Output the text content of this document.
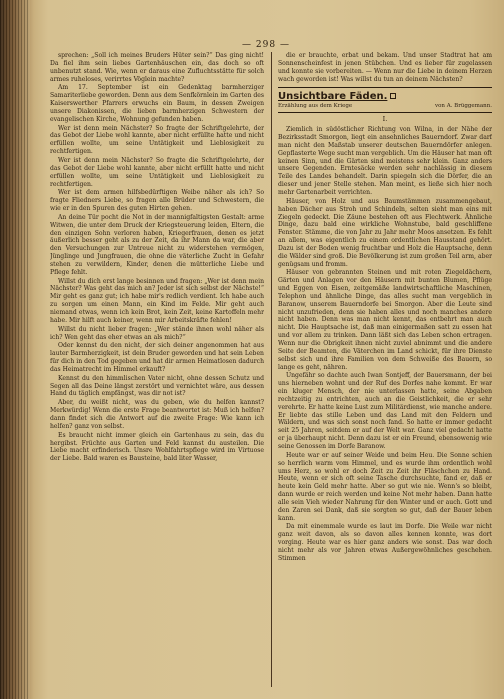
— 298 —

sprechen: „Soll ich meines Bruders Hüter sein?“ Das ging nicht! Da fiel ihm sein liebes Gartenhäuschen ein, das doch so oft unbenutzt stand. Wie, wenn er daraus eine Zufluchtsstätte für solch armes ruheloses, verirrtes Vöglein machte?

Am 17. September ist ein Gedenktag barmherziger Samariterliebe geworden. Denn aus dem Senfkörnlein im Garten des Kaiserswerther Pfarrers erwuchs ein Baum, in dessen Zweigen unsere Diakonissen, die lieben barmherzigen Schwestern der evangelischen Kirche, Wohnung gefunden haben.

Wer ist denn mein Nächster? So fragte der Schriftgelehrte, der das Gebot der Liebe wohl kannte, aber nicht erfüllte hatte und nicht erfüllen wollte, um seine Untätigkeit und Lieblosigkeit zu rechtfertigen.

Wer ist denn mein Nächster? So fragte die Schriftgelehrte, der das Gebot der Liebe wohl kannte, aber nicht erfüllt hatte und nicht erfüllen wollte, um seine Untätigkeit und Lieblosigkeit zu rechtfertigen.

Wer ist dem armen hilfsbedürftigen Weibe näher als ich? So fragte Fliedners Liebe, so fragen alle Brüder und Schwestern, die wie er in den Spuren des guten Hirten gehen.

An deine Tür pocht die Not in der mannigfaltigsten Gestalt: arme Witwen, die unter dem Druck der Kriegsteuerung leiden, Eltern, die den einzigen Sohn verloren haben, Kriegerfrauen, denen es jetzt äußerlich besser geht als zu der Zeit, da ihr Mann da war, die aber den Versuchungen zur Untreue nicht zu widerstehen vermögen, Jünglinge und Jungfrauen, die ohne die väterliche Zucht in Gefahr stehen zu verwildern, Kinder, denen die mütterliche Liebe und Pflege fehlt.

Willst du dich erst lange besinnen und fragen: „Wer ist denn mein Nächster? Was geht das mich an? Jeder ist sich selbst der Nächste!“ Mir geht es ganz gut; ich habe mir's redlich verdient. Ich habe auch zu sorgen um einen Mann, ein Kind im Felde. Mir geht auch niemand etwas, wenn ich kein Brot, kein Zeit, keine Kartoffeln mehr habe. Mir hilft auch keiner, wenn mir Arbeitskräfte fehlen!

Willst du nicht lieber fragen: „Wer stände ihnen wohl näher als ich? Wen geht das eher etwas an als mich?“

Oder kennst du den nicht, der sich deiner angenommen hat aus lauter Barmherzigkeit, ist dein Bruder geworden und hat sein Leben für dich in den Tod gegeben und hat dir armen Heimatlosen dadurch das Heimatrecht im Himmel erkauft?

Kennst du den himmlischen Vater nicht, ohne dessen Schutz und Segen all das Deine längst zerstört und vernichtet wäre, aus dessen Hand du täglich empfängst, was dir not ist?

Aber, du weißt nicht, was du geben, wie du helfen kannst? Merkwürdig! Wenn die erste Frage beantwortet ist: Muß ich helfen? dann findet sich die Antwort auf die zweite Frage: Wie kann ich helfen? ganz von selbst.

Es braucht nicht immer gleich ein Gartenhaus zu sein, das du hergibst. Früchte aus Garten und Feld kannst du austeilen. Die Liebe macht erfinderisch. Unsre Wohlfahrtspflege wird im Virtuose der Liebe. Bald waren es Bausteine, bald liter Wasser,

die er brauchte, erbat und bekam. Und unser Stadtrat hat am Sonnenscheinfest in jenen Stübchen. Und es lieber für zugelassen und konnte sie vorbereiten. — Wenn nur die Liebe in deinem Herzen wach geworden ist! Was willst du tun an deinem Nächsten?

Unsichtbare Fäden.
Erzählung aus dem Kriege	von A. Brüggemann.
I.

Ziemlich in südöstlicher Richtung von Wilna, in der Nähe der Bezirksstadt Smorgon, liegt ein ansehnliches Bauerndorf. Zwar darf man nicht den Maßstab unserer deutschen Bauerndörfer anlegen. Gepflasterte Wege sucht man vergeblich. Um die Häuser hat man oft keinen Sinn, und die Gärten sind meistens sehr klein. Ganz anders unsere Gegenden. Erntesäcke werden sehr nachlässig in diesem Teile des Landes behandelt. Darin spiegeln sich die Dörfer, die an dieser und jener Stelle stehen. Man meint, es ließe sich hier noch mehr Gartenarbeit verrichten.

Häuser, von Holz und aus Baumstämmen zusammengebaut, haben Dächer aus Stroh und Schindeln, selten sieht man eins mit Ziegeln gedeckt. Die Zäune bestehen oft aus Flechtwerk. Ähnliche Dinge, dazu bald eine wirkliche Wohnstube, bald geschliffene Fenster. Stämme, die von Jahr zu Jahr mehr Moos ansetzen. Es fehlt an allem, was eigentlich zu einem ordentlichen Hausstand gehört. Dazu ist der Boden wenig fruchtbar und Holz die Hauptsache, denn die Wälder sind groß. Die Bevölkerung ist zum großen Teil arm, aber genügsam und fromm.

Häuser von gebrannten Steinen und mit roten Ziegeldächern, Gärten und Anlagen vor den Häusern mit bunten Blumen, Pflüge und Eggen von Eisen, zeitgemäße landwirtschaftliche Maschinen, Telephon und ähnliche Dinge, das alles sucht man vergeblich in Baranow, unserem Bauerndorfe bei Smorgon. Aber die Leute sind nicht unzufrieden, denn sie haben alles und noch manches andere nicht haben. Denn was man nicht kennt, das entbehrt man auch nicht. Die Hauptsache ist, daß man einigermaßen satt zu essen hat und vor allem zu trinken. Dann läßt sich das Leben schon ertragen. Wenn nur die Obrigkeit ihnen nicht zuviel abnimmt und die andere Seite der Beamten, die Väterchen im Land schickt, für ihre Dienste selbst sich und ihre Familien von dem Schweiße des Bauern, so lange es geht, nähren.

Ungefähr so dachte auch Iwan Sontjeff, der Bauersmann, der bei uns hierneben wohnt und der Ruf des Dorfes nahe kommt. Er war ein kluger Mensch, der nie unterlassen hatte, seine Abgaben rechtzeitig zu entrichten, auch an die Geistlichkeit, die er sehr verehrte. Er hatte keine Lust zum Militärdienst, wie manche andere. Er liebte das stille Leben und das Land mit den Feldern und Wäldern, und was sich sonst noch fand. So hatte er immer gedacht seit 25 Jahren, seitdem er auf der Welt war. Ganz viel gedacht hatte er ja überhaupt nicht. Denn dazu ist er ein Freund, ebensowenig wie seine Genossen im Dorfe Baranow.

Heute war er auf seiner Weide und beim Heu. Die Sonne schien so herrlich warm vom Himmel, und es wurde ihm ordentlich wohl ums Herz, so wohl er doch Zeit zu Zeit ihr Fläschchen zu Hand. Heute, wenn er sich oft seine Tasche durchsuchte, fand er, daß er heute kein Geld mehr hatte. Aber so gut wie nie. Wenn's so bleibt, dann wurde er reich werden und keine Not mehr haben. Dann hatte alle sein Vieh wieder Nahrung für den Winter und er auch. Gott und den Zaren sei Dank, daß sie sorgten so gut, daß der Bauer leben kann.

Da mit einemmale wurde es laut im Dorfe. Die Weile war nicht ganz weit davon, als so davon alles kennen konnte, was dort vorging. Heute war es hier ganz anders wie sonst. Das war doch nicht mehr als vor Jahren etwas Außergewöhnliches geschehen. Stimmen
